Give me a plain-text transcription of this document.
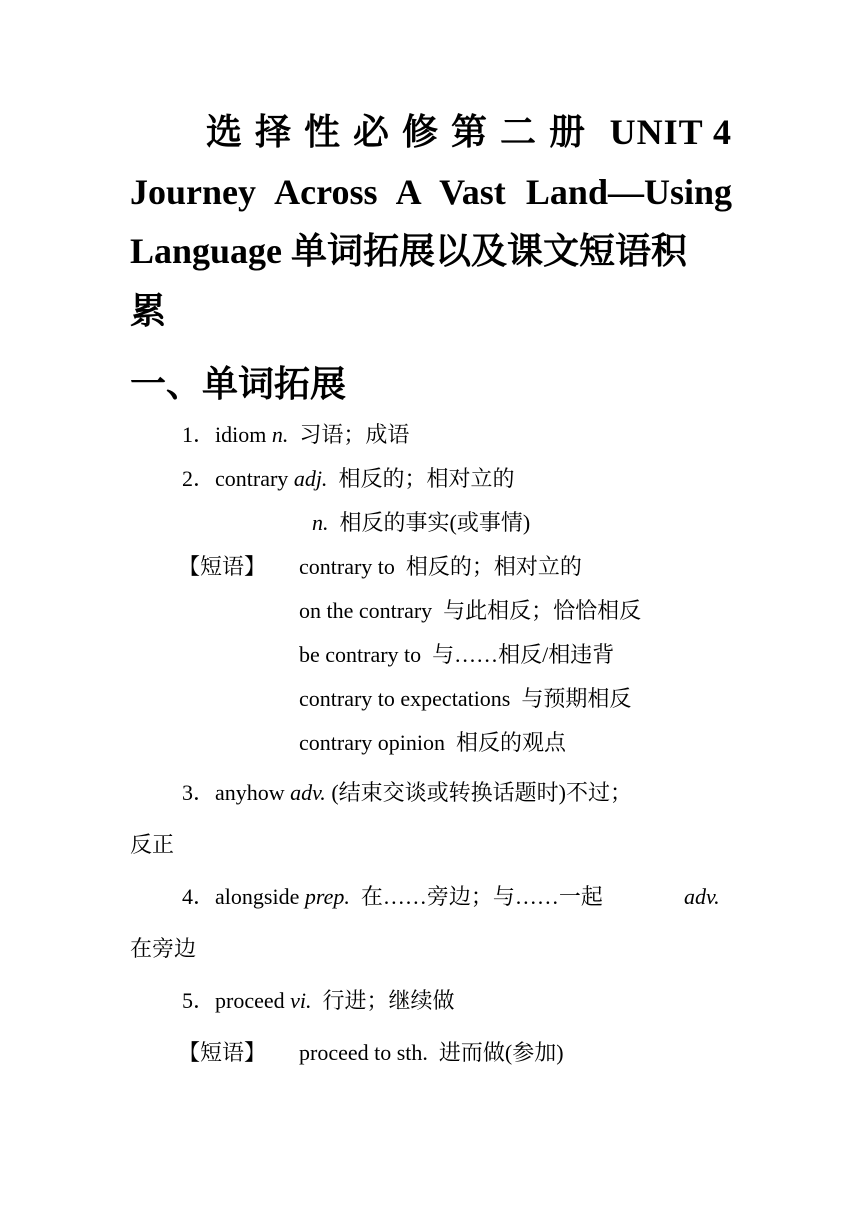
选择性必修第二册 UNIT 4
Journey Across A Vast Land—Using
Language 单词拓展以及课文短语积
累
一、单词拓展
1．idiom n. 习语；成语
2．contrary adj. 相反的；相对立的
n. 相反的事实(或事情)
【短语】 contrary to 相反的；相对立的
on the contrary 与此相反；恰恰相反
be contrary to 与……相反/相违背
contrary to expectations 与预期相反
contrary opinion 相反的观点
3．anyhow adv. (结束交谈或转换话题时)不过；
反正
4．alongside prep. 在……旁边；与……一起	adv.
在旁边
5．proceed vi. 行进；继续做
【短语】 proceed to sth. 进而做(参加)
